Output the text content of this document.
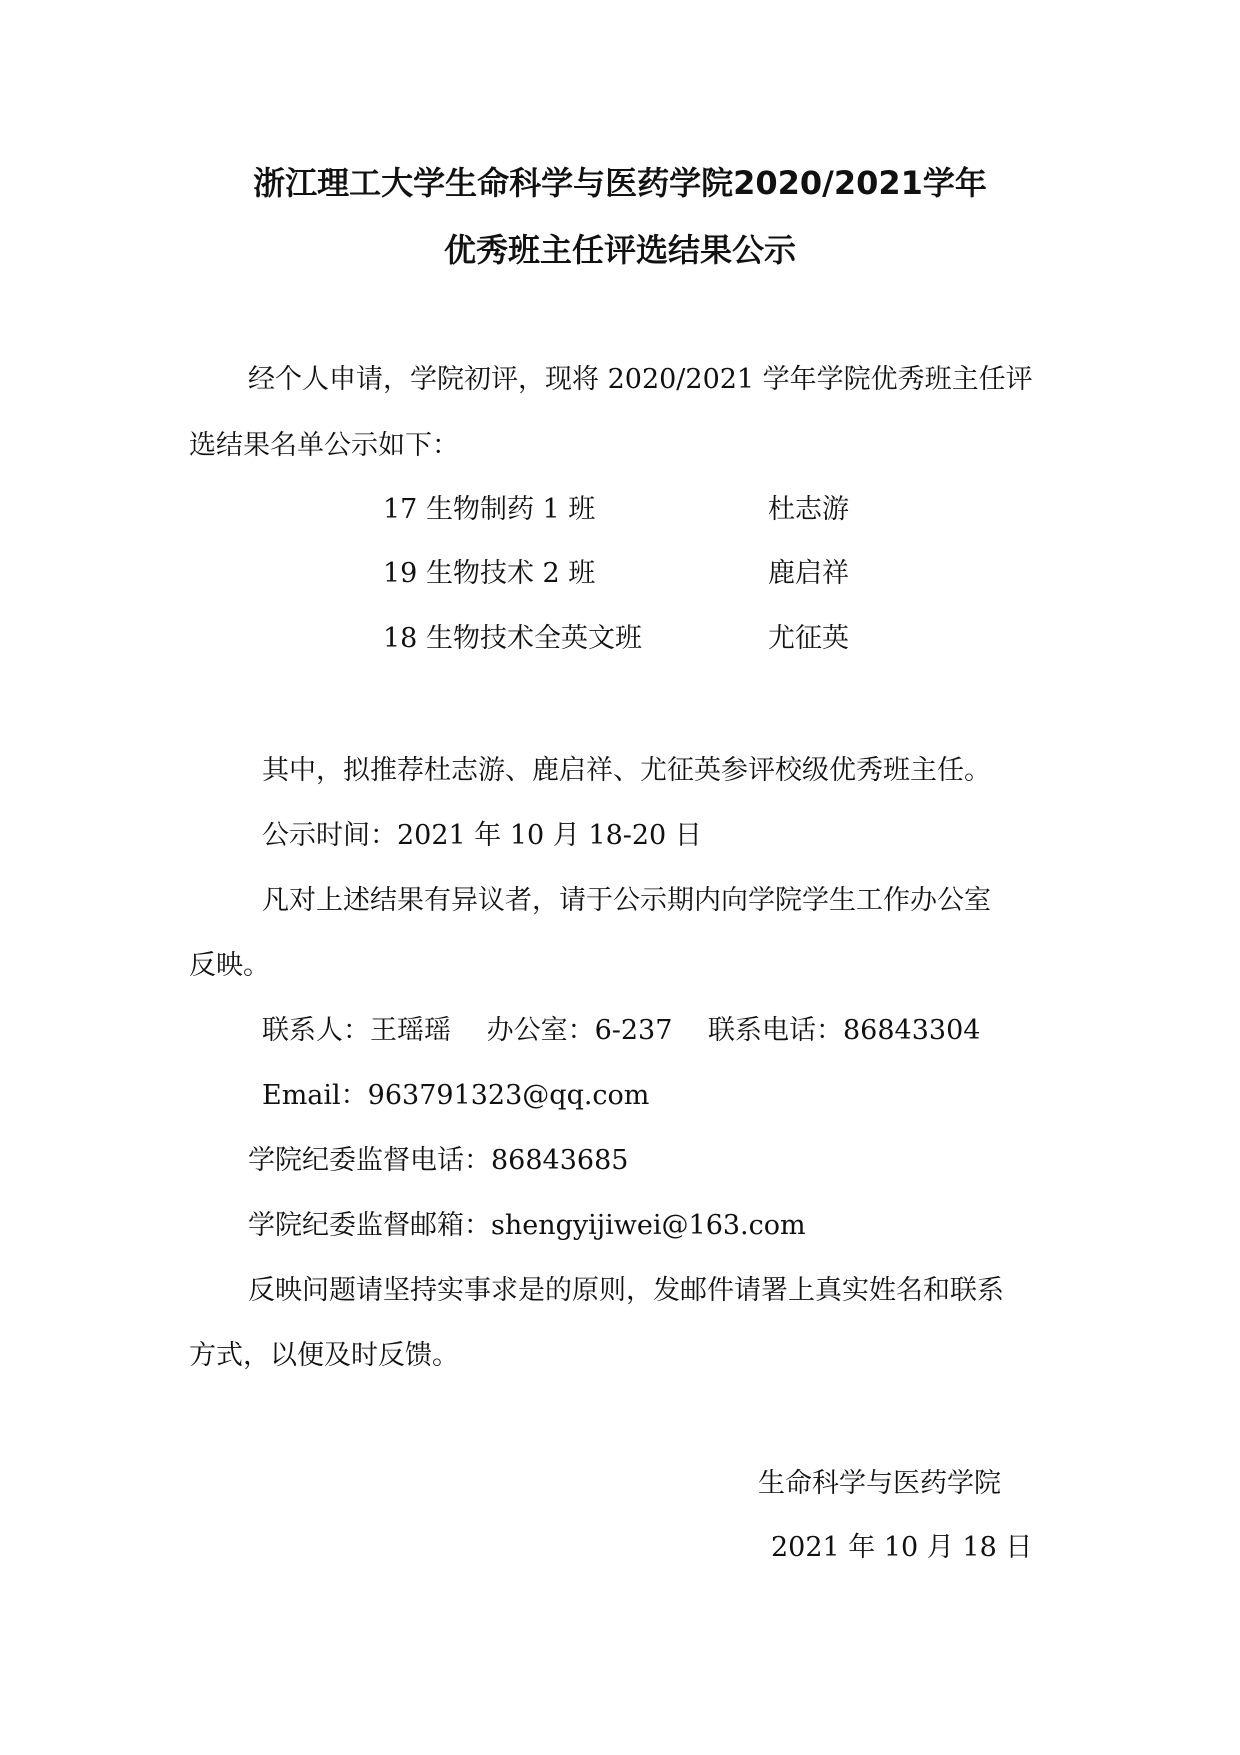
浙江理工大学生命科学与医药学院2020/2021学年
优秀班主任评选结果公示
经个人申请，学院初评，现将 2020/2021 学年学院优秀班主任评
选结果名单公示如下：
17 生物制药 1 班	杜志游
19 生物技术 2 班	鹿启祥
18 生物技术全英文班	尤征英
其中，拟推荐杜志游、鹿启祥、尤征英参评校级优秀班主任。
公示时间：2021 年 10 月 18-20 日
凡对上述结果有异议者，请于公示期内向学院学生工作办公室
反映。
联系人：王瑶瑶　 办公室：6-237　 联系电话：86843304
Email：963791323@qq.com
学院纪委监督电话：86843685
学院纪委监督邮箱：shengyijiwei@163.com
反映问题请坚持实事求是的原则，发邮件请署上真实姓名和联系
方式，以便及时反馈。
生命科学与医药学院
2021 年 10 月 18 日
